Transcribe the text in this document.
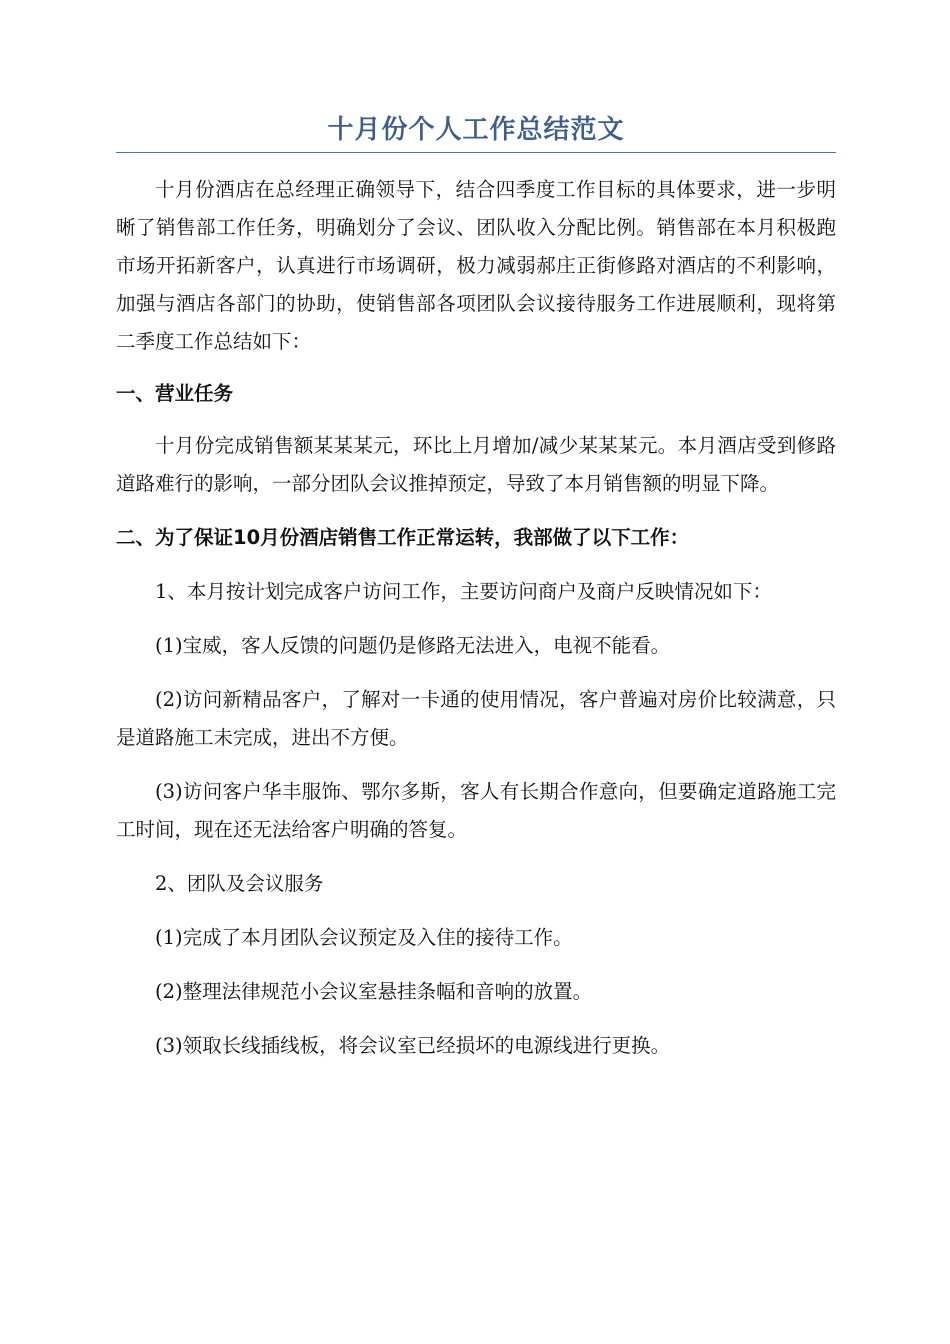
十月份个人工作总结范文

十月份酒店在总经理正确领导下，结合四季度工作目标的具体要求，进一步明晰了销售部工作任务，明确划分了会议、团队收入分配比例。销售部在本月积极跑市场开拓新客户，认真进行市场调研，极力减弱郝庄正街修路对酒店的不利影响，加强与酒店各部门的协助，使销售部各项团队会议接待服务工作进展顺利，现将第二季度工作总结如下：

一、营业任务

十月份完成销售额某某某元，环比上月增加/减少某某某元。本月酒店受到修路道路难行的影响，一部分团队会议推掉预定，导致了本月销售额的明显下降。

二、为了保证10月份酒店销售工作正常运转，我部做了以下工作：

1、本月按计划完成客户访问工作，主要访问商户及商户反映情况如下：

(1)宝威，客人反馈的问题仍是修路无法进入，电视不能看。

(2)访问新精品客户，了解对一卡通的使用情况，客户普遍对房价比较满意，只是道路施工未完成，进出不方便。

(3)访问客户华丰服饰、鄂尔多斯，客人有长期合作意向，但要确定道路施工完工时间，现在还无法给客户明确的答复。

2、团队及会议服务

(1)完成了本月团队会议预定及入住的接待工作。

(2)整理法律规范小会议室悬挂条幅和音响的放置。

(3)领取长线插线板，将会议室已经损坏的电源线进行更换。
